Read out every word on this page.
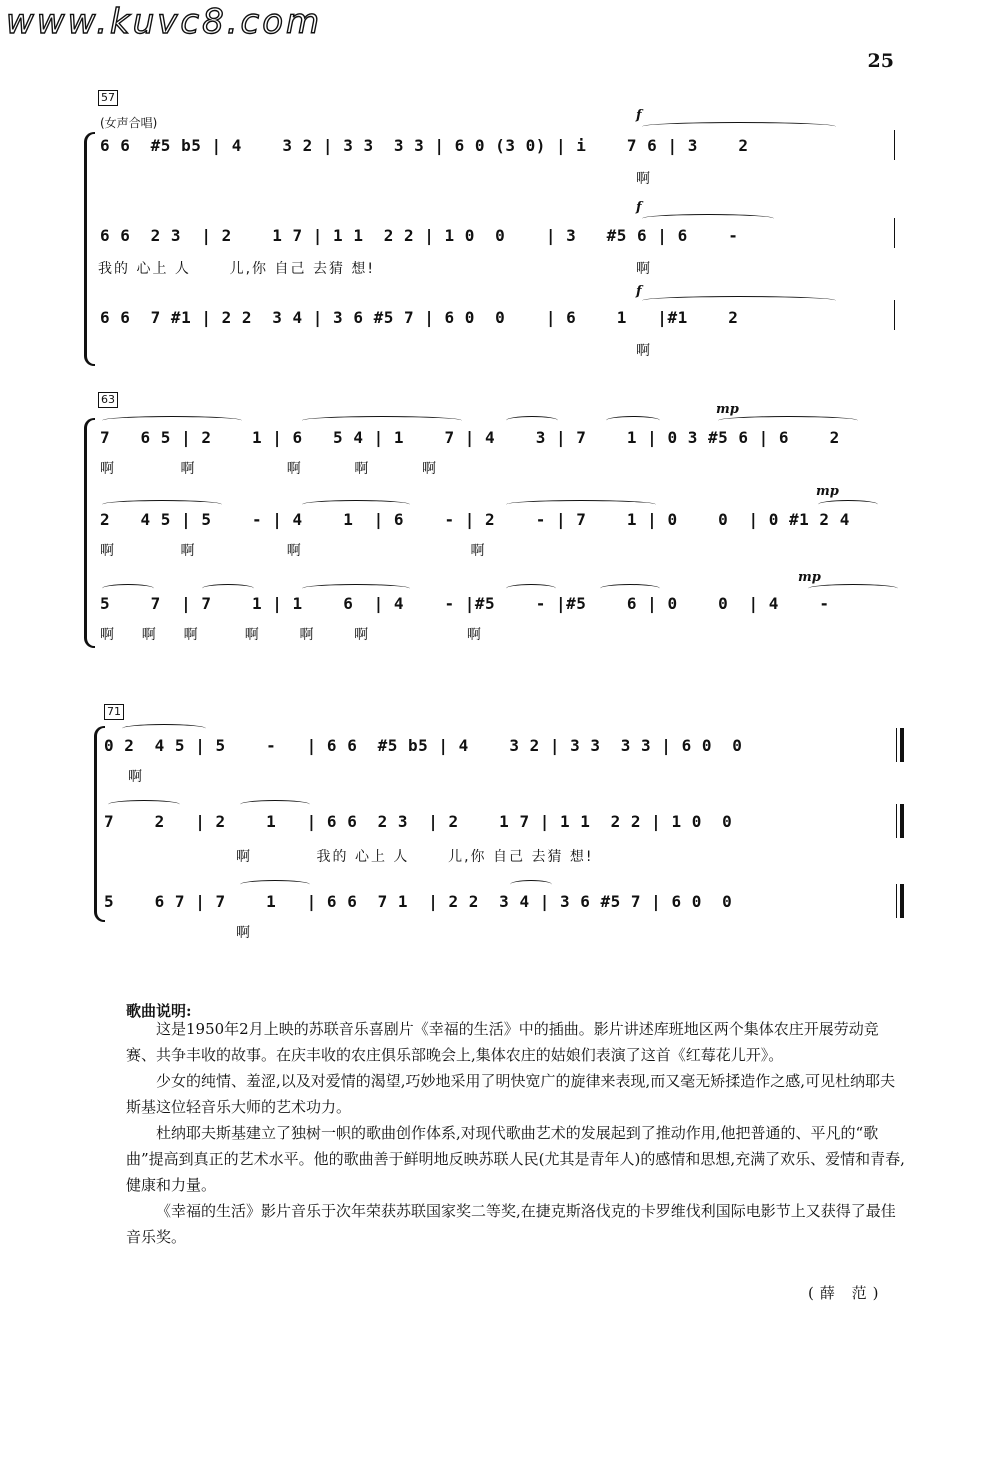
www.kuvc8.com
25
57
(女声合唱)	f
f
f
6 6  #5 b5 | 4    3 2 | 3 3  3 3 | 6 0 (3 0) | i    7 6 | 3    2
啊
6 6  2 3  | 2    1 7 | 1 1  2 2 | 1 0  0    | 3   #5 6 | 6    -
我的 心上 人      儿,你 自己 去猜 想!	啊
6 6  7 #1 | 2 2  3 4 | 3 6 #5 7 | 6 0  0    | 6    1   |#1    2
啊
63
mp
mp
mp
7   6 5 | 2    1 | 6   5 4 | 1    7 | 4    3 | 7    1 | 0 3 #5 6 | 6    2
啊          啊              啊        啊        啊
2   4 5 | 5    - | 4    1  | 6    - | 2    - | 7    1 | 0    0  | 0 #1 2 4
啊          啊              啊                          啊
5    7  | 7    1 | 1    6  | 4    - |#5    - |#5    6 | 0    0  | 4    -
啊    啊    啊       啊      啊      啊               啊
71
0 2  4 5 | 5    -   | 6 6  #5 b5 | 4    3 2 | 3 3  3 3 | 6 0  0
啊
7    2   | 2    1   | 6 6  2 3  | 2    1 7 | 1 1  2 2 | 1 0  0
啊          我的 心上 人      儿,你 自己 去猜 想!
5    6 7 | 7    1   | 6 6  7 1  | 2 2  3 4 | 3 6 #5 7 | 6 0  0
啊
歌曲说明:

这是1950年2月上映的苏联音乐喜剧片《幸福的生活》中的插曲。影片讲述库班地区两个集体农庄开展劳动竞赛、共争丰收的故事。在庆丰收的农庄俱乐部晚会上,集体农庄的姑娘们表演了这首《红莓花儿开》。

少女的纯情、羞涩,以及对爱情的渴望,巧妙地采用了明快宽广的旋律来表现,而又毫无矫揉造作之感,可见杜纳耶夫斯基这位轻音乐大师的艺术功力。

杜纳耶夫斯基建立了独树一帜的歌曲创作体系,对现代歌曲艺术的发展起到了推动作用,他把普通的、平凡的“歌曲”提高到真正的艺术水平。他的歌曲善于鲜明地反映苏联人民(尤其是青年人)的感情和思想,充满了欢乐、爱情和青春,健康和力量。

《幸福的生活》影片音乐于次年荣获苏联国家奖二等奖,在捷克斯洛伐克的卡罗维伐利国际电影节上又获得了最佳音乐奖。

(薛 范)
